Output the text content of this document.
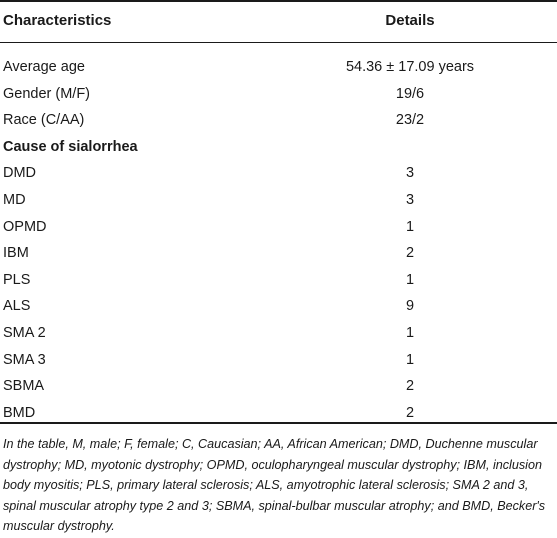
Characteristics	Details
Average age	54.36 ± 17.09 years
Gender (M/F)	19/6
Race (C/AA)	23/2
Cause of sialorrhea
DMD	3
MD	3
OPMD	1
IBM	2
PLS	1
ALS	9
SMA 2	1
SMA 3	1
SBMA	2
BMD	2
In the table, M, male; F, female; C, Caucasian; AA, African American; DMD, Duchenne muscular dystrophy; MD, myotonic dystrophy; OPMD, oculopharyngeal muscular dystrophy; IBM, inclusion body myositis; PLS, primary lateral sclerosis; ALS, amyotrophic lateral sclerosis; SMA 2 and 3, spinal muscular atrophy type 2 and 3; SBMA, spinal-bulbar muscular atrophy; and BMD, Becker's muscular dystrophy.
